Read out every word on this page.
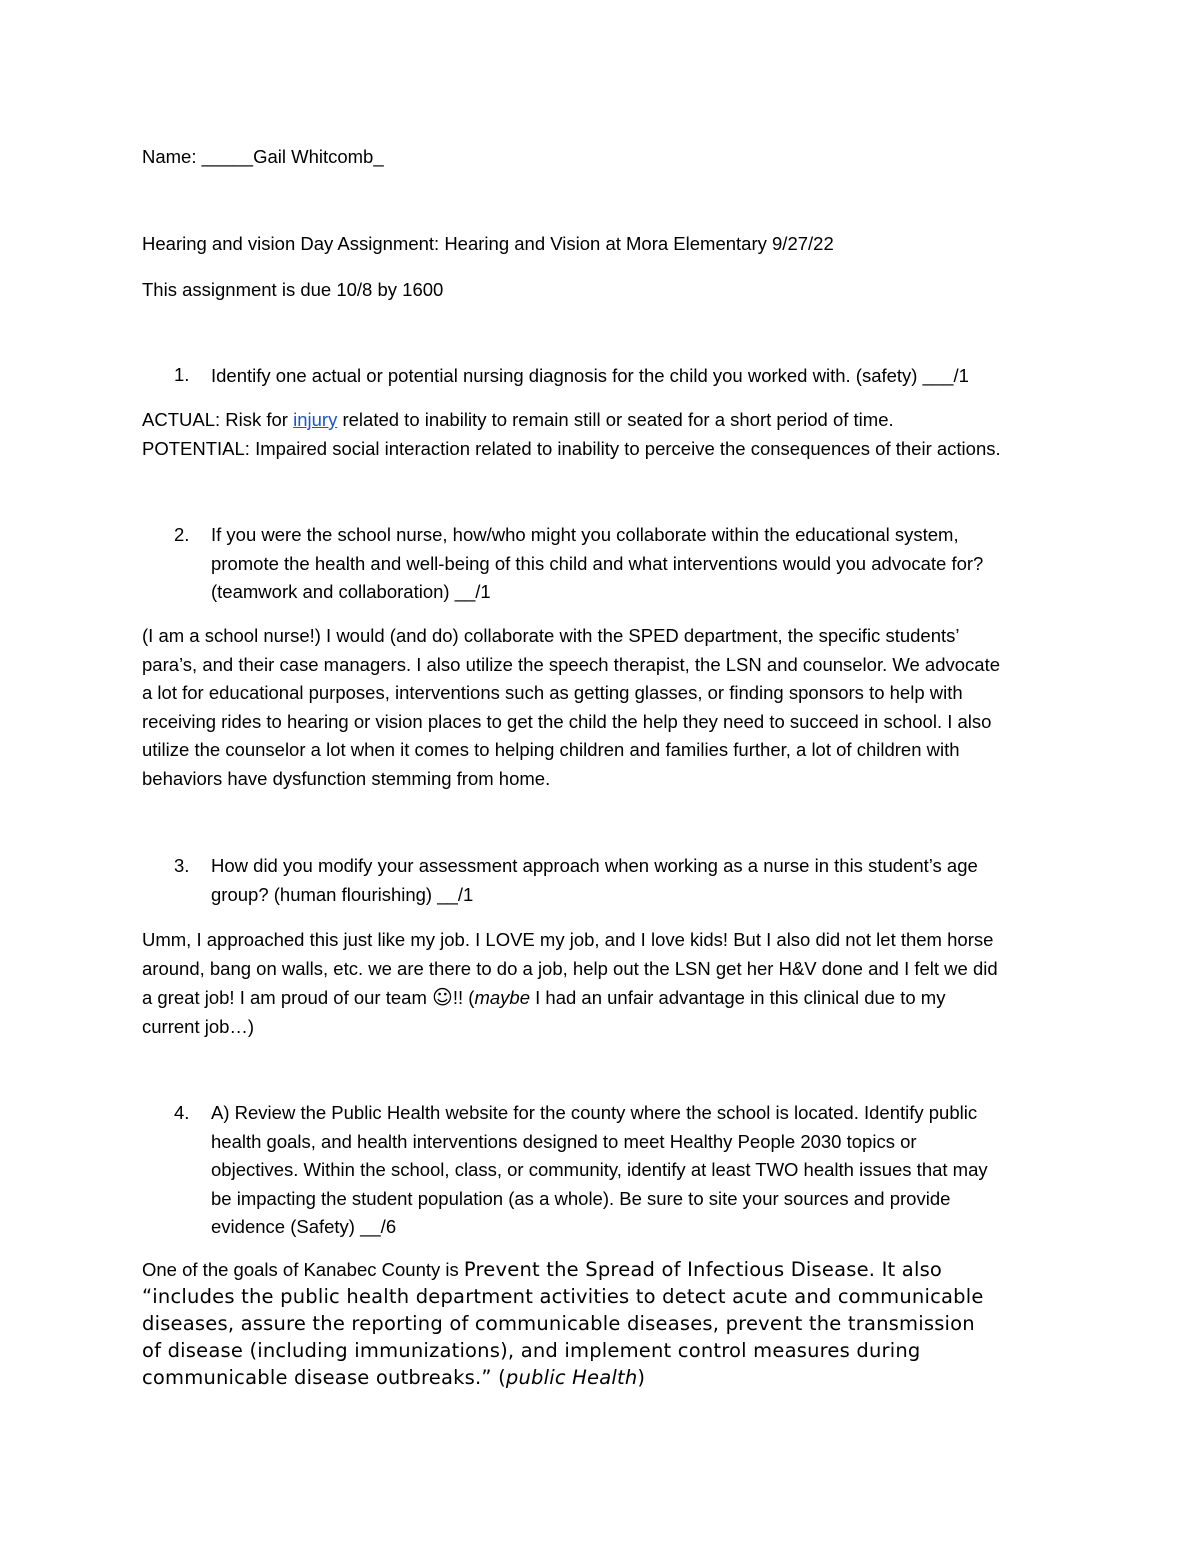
Name: _____Gail Whitcomb_
Hearing and vision Day Assignment: Hearing and Vision at Mora Elementary 9/27/22
This assignment is due 10/8 by 1600
1. Identify one actual or potential nursing diagnosis for the child you worked with. (safety) ___/1
ACTUAL: Risk for injury related to inability to remain still or seated for a short period of time.
POTENTIAL: Impaired social interaction related to inability to perceive the consequences of their actions.
2. If you were the school nurse, how/who might you collaborate within the educational system,
promote the health and well-being of this child and what interventions would you advocate for?
(teamwork and collaboration) __/1
(I am a school nurse!) I would (and do) collaborate with the SPED department, the specific students’
para’s, and their case managers. I also utilize the speech therapist, the LSN and counselor. We advocate
a lot for educational purposes, interventions such as getting glasses, or finding sponsors to help with
receiving rides to hearing or vision places to get the child the help they need to succeed in school. I also
utilize the counselor a lot when it comes to helping children and families further, a lot of children with
behaviors have dysfunction stemming from home.
3. How did you modify your assessment approach when working as a nurse in this student’s age
group? (human flourishing) __/1
Umm, I approached this just like my job. I LOVE my job, and I love kids! But I also did not let them horse
around, bang on walls, etc. we are there to do a job, help out the LSN get her H&V done and I felt we did
a great job! I am proud of our team ☺!! (maybe I had an unfair advantage in this clinical due to my
current job…)
4. A) Review the Public Health website for the county where the school is located. Identify public
health goals, and health interventions designed to meet Healthy People 2030 topics or
objectives. Within the school, class, or community, identify at least TWO health issues that may
be impacting the student population (as a whole). Be sure to site your sources and provide
evidence (Safety) __/6
One of the goals of Kanabec County is Prevent the Spread of Infectious Disease. It also
“includes the public health department activities to detect acute and communicable
diseases, assure the reporting of communicable diseases, prevent the transmission
of disease (including immunizations), and implement control measures during
communicable disease outbreaks.” (public Health)
